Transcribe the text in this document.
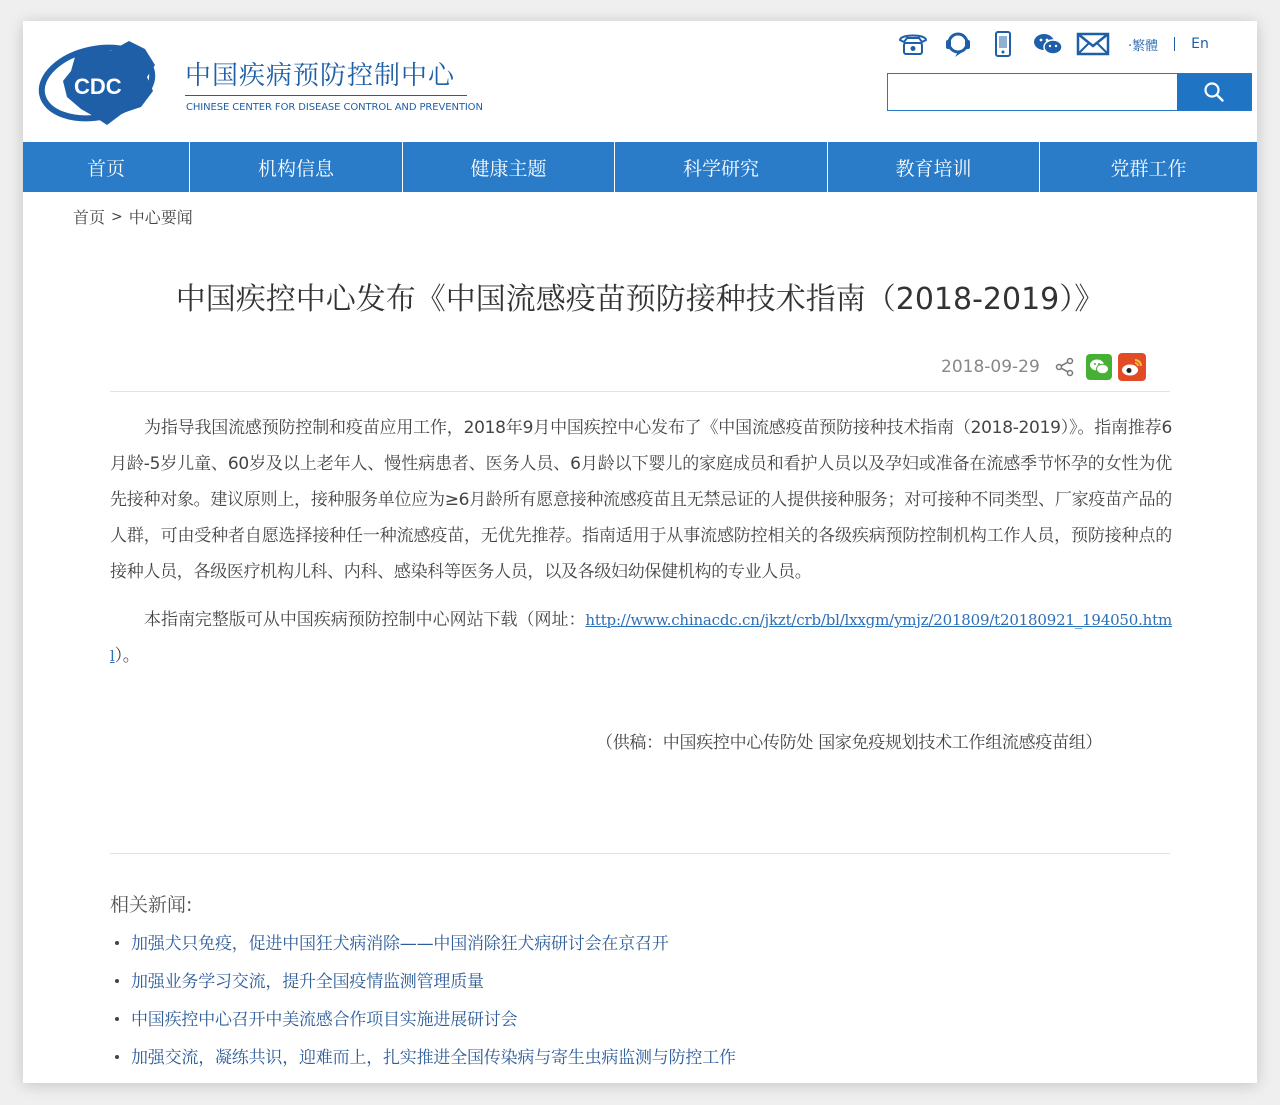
CDC 中国疾病预防控制中心
CHINESE CENTER FOR DISEASE CONTROL AND PREVENTION
·繁體 En
首页	机构信息	健康主题	科学研究	教育培训	党群工作
首页 > 中心要闻
中国疾控中心发布《中国流感疫苗预防接种技术指南（2018-2019）》
2018-09-29

为指导我国流感预防控制和疫苗应用工作，2018年9月中国疾控中心发布了《中国流感疫苗预防接种技术指南（2018-2019）》。指南推荐6月龄-5岁儿童、60岁及以上老年人、慢性病患者、医务人员、6月龄以下婴儿的家庭成员和看护人员以及孕妇或准备在流感季节怀孕的女性为优先接种对象。建议原则上，接种服务单位应为≥6月龄所有愿意接种流感疫苗且无禁忌证的人提供接种服务；对可接种不同类型、厂家疫苗产品的人群，可由受种者自愿选择接种任一种流感疫苗，无优先推荐。指南适用于从事流感防控相关的各级疾病预防控制机构工作人员，预防接种点的接种人员，各级医疗机构儿科、内科、感染科等医务人员，以及各级妇幼保健机构的专业人员。

本指南完整版可从中国疾病预防控制中心网站下载（网址：http://www.chinacdc.cn/jkzt/crb/bl/lxxgm/ymjz/201809/t20180921_194050.html）。

（供稿：中国疾控中心传防处 国家免疫规划技术工作组流感疫苗组）
相关新闻:
加强犬只免疫，促进中国狂犬病消除——中国消除狂犬病研讨会在京召开
加强业务学习交流，提升全国疫情监测管理质量
中国疾控中心召开中美流感合作项目实施进展研讨会
加强交流，凝练共识，迎难而上，扎实推进全国传染病与寄生虫病监测与防控工作
